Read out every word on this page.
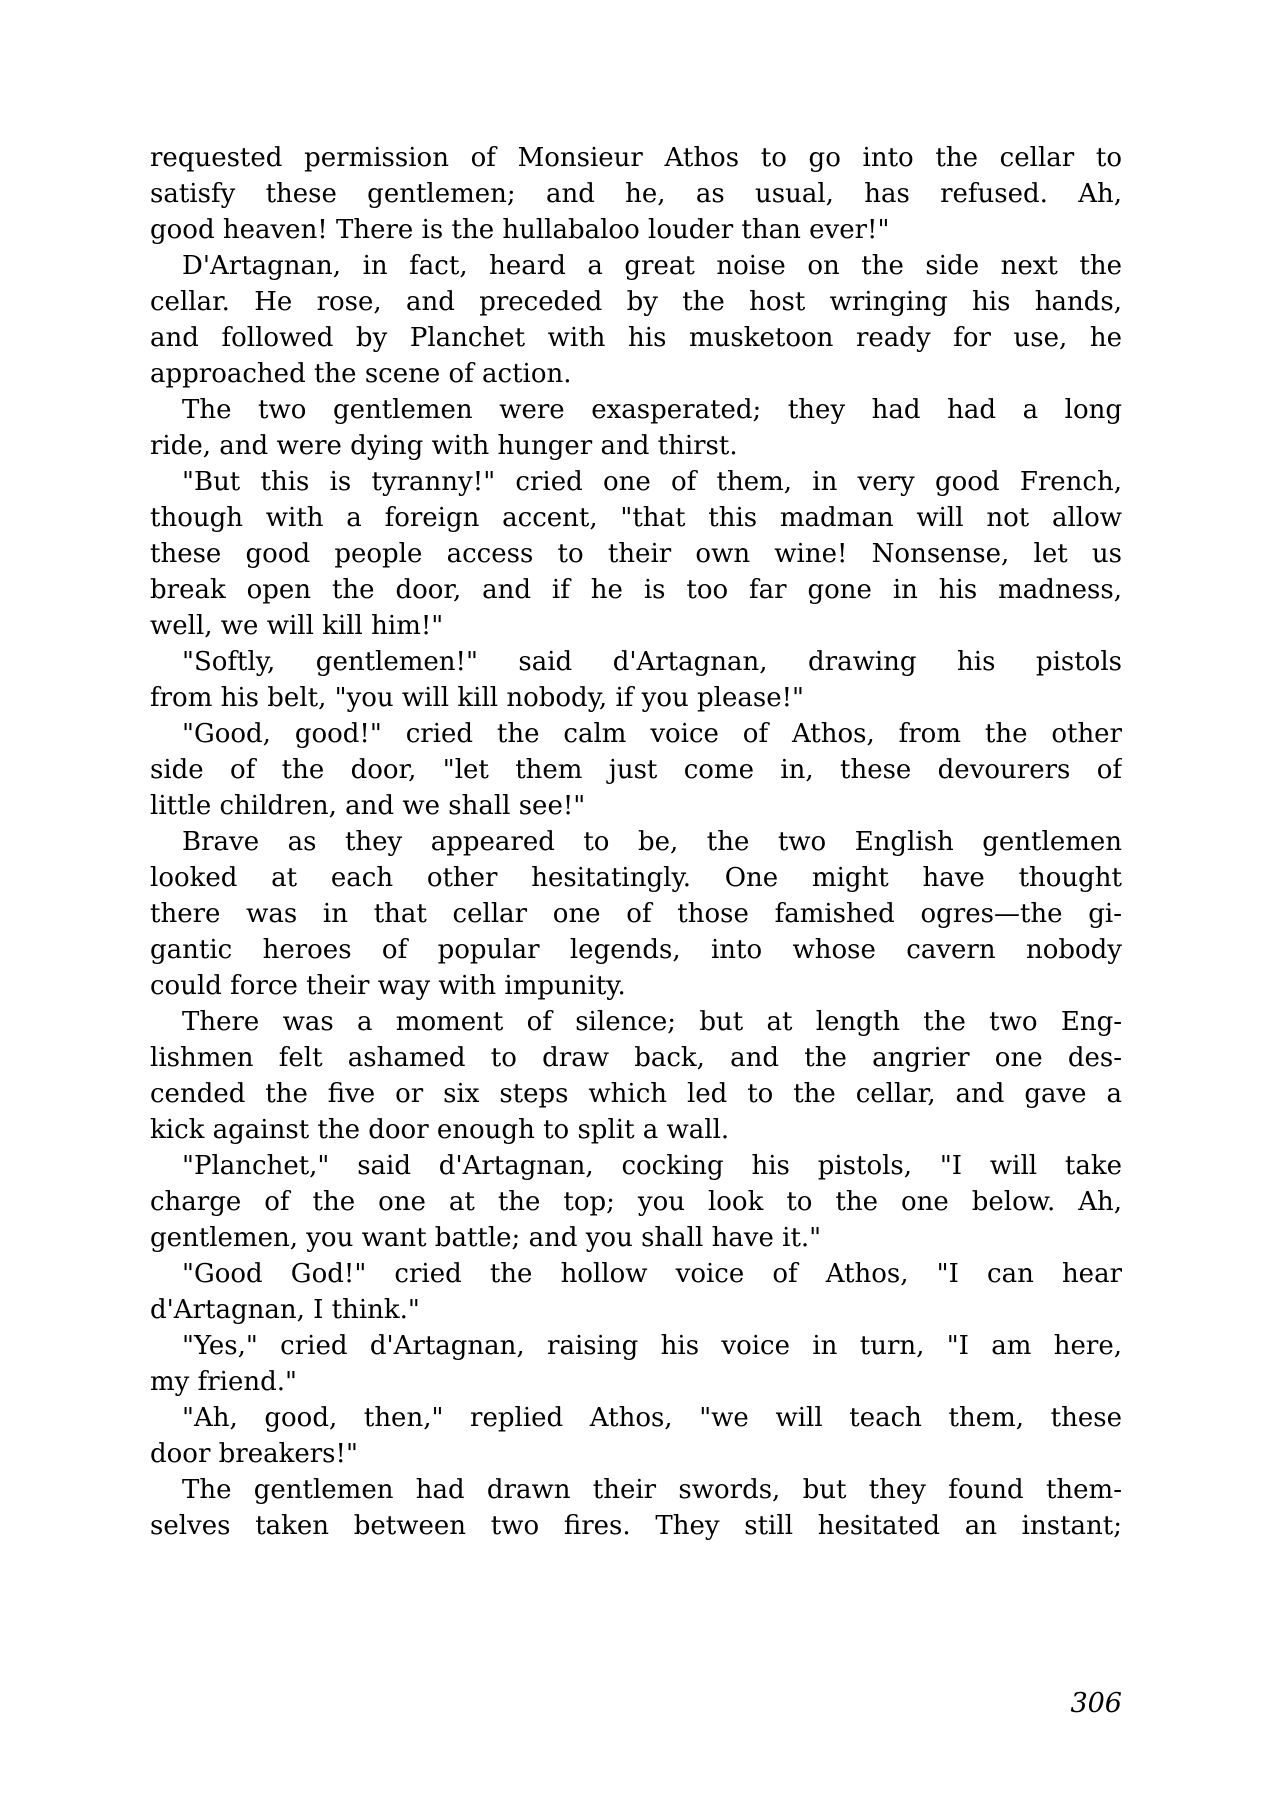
requested permission of Monsieur Athos to go into the cellar to
satisfy these gentlemen; and he, as usual, has refused. Ah,
good heaven! There is the hullabaloo louder than ever!"
D'Artagnan, in fact, heard a great noise on the side next the
cellar. He rose, and preceded by the host wringing his hands,
and followed by Planchet with his musketoon ready for use, he
approached the scene of action.
The two gentlemen were exasperated; they had had a long
ride, and were dying with hunger and thirst.
"But this is tyranny!" cried one of them, in very good French,
though with a foreign accent, "that this madman will not allow
these good people access to their own wine! Nonsense, let us
break open the door, and if he is too far gone in his madness,
well, we will kill him!"
"Softly, gentlemen!" said d'Artagnan, drawing his pistols
from his belt, "you will kill nobody, if you please!"
"Good, good!" cried the calm voice of Athos, from the other
side of the door, "let them just come in, these devourers of
little children, and we shall see!"
Brave as they appeared to be, the two English gentlemen
looked at each other hesitatingly. One might have thought
there was in that cellar one of those famished ogres—the gi-
gantic heroes of popular legends, into whose cavern nobody
could force their way with impunity.
There was a moment of silence; but at length the two Eng-
lishmen felt ashamed to draw back, and the angrier one des-
cended the five or six steps which led to the cellar, and gave a
kick against the door enough to split a wall.
"Planchet," said d'Artagnan, cocking his pistols, "I will take
charge of the one at the top; you look to the one below. Ah,
gentlemen, you want battle; and you shall have it."
"Good God!" cried the hollow voice of Athos, "I can hear
d'Artagnan, I think."
"Yes," cried d'Artagnan, raising his voice in turn, "I am here,
my friend."
"Ah, good, then," replied Athos, "we will teach them, these
door breakers!"
The gentlemen had drawn their swords, but they found them-
selves taken between two fires. They still hesitated an instant;
306
